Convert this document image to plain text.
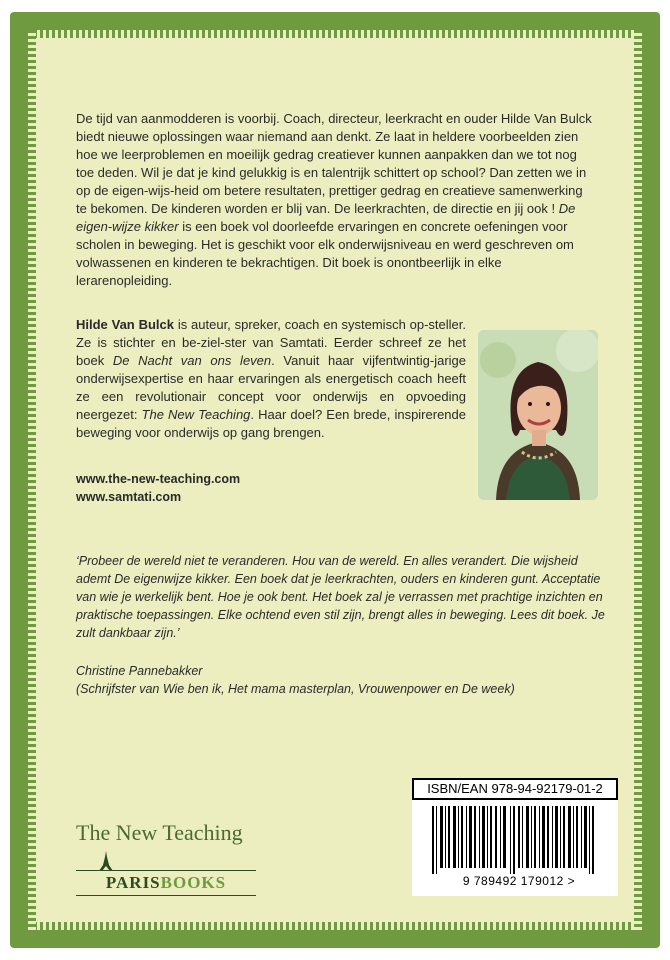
De tijd van aanmodderen is voorbij. Coach, directeur, leerkracht en ouder Hilde Van Bulck biedt nieuwe oplossingen waar niemand aan denkt. Ze laat in heldere voorbeelden zien hoe we leerproblemen en moeilijk gedrag creatiever kunnen aanpakken dan we tot nog toe deden. Wil je dat je kind gelukkig is en talentrijk schittert op school? Dan zetten we in op de eigen-wijs-heid om betere resultaten, prettiger gedrag en creatieve samenwerking te bekomen. De kinderen worden er blij van. De leerkrachten, de directie en jij ook ! De eigen-wijze kikker is een boek vol doorleefde ervaringen en concrete oefeningen voor scholen in beweging. Het is geschikt voor elk onderwijsniveau en werd geschreven om volwassenen en kinderen te bekrachtigen. Dit boek is onontbeerlijk in elke lerarenopleiding.
Hilde Van Bulck is auteur, spreker, coach en systemisch op-steller. Ze is stichter en be-ziel-ster van Samtati. Eerder schreef ze het boek De Nacht van ons leven. Vanuit haar vijfentwintig-jarige onderwijsexpertise en haar ervaringen als energetisch coach heeft ze een revolutionair concept voor onderwijs en opvoeding neergezet: The New Teaching. Haar doel? Een brede, inspirerende beweging voor onderwijs op gang brengen.
www.the-new-teaching.com
www.samtati.com
‘Probeer de wereld niet te veranderen. Hou van de wereld. En alles verandert. Die wijsheid ademt De eigenwijze kikker. Een boek dat je leerkrachten, ouders en kinderen gunt. Acceptatie van wie je werkelijk bent. Hoe je ook bent. Het boek zal je verrassen met prachtige inzichten en praktische toepassingen. Elke ochtend even stil zijn, brengt alles in beweging. Lees dit boek. Je zult dankbaar zijn.’
Christine Pannebakker
(Schrijfster van Wie ben ik, Het mama masterplan, Vrouwenpower en De week)
ISBN/EAN 978-94-92179-01-2
9 789492 179012 >
The New Teaching
PARISBOOKS
